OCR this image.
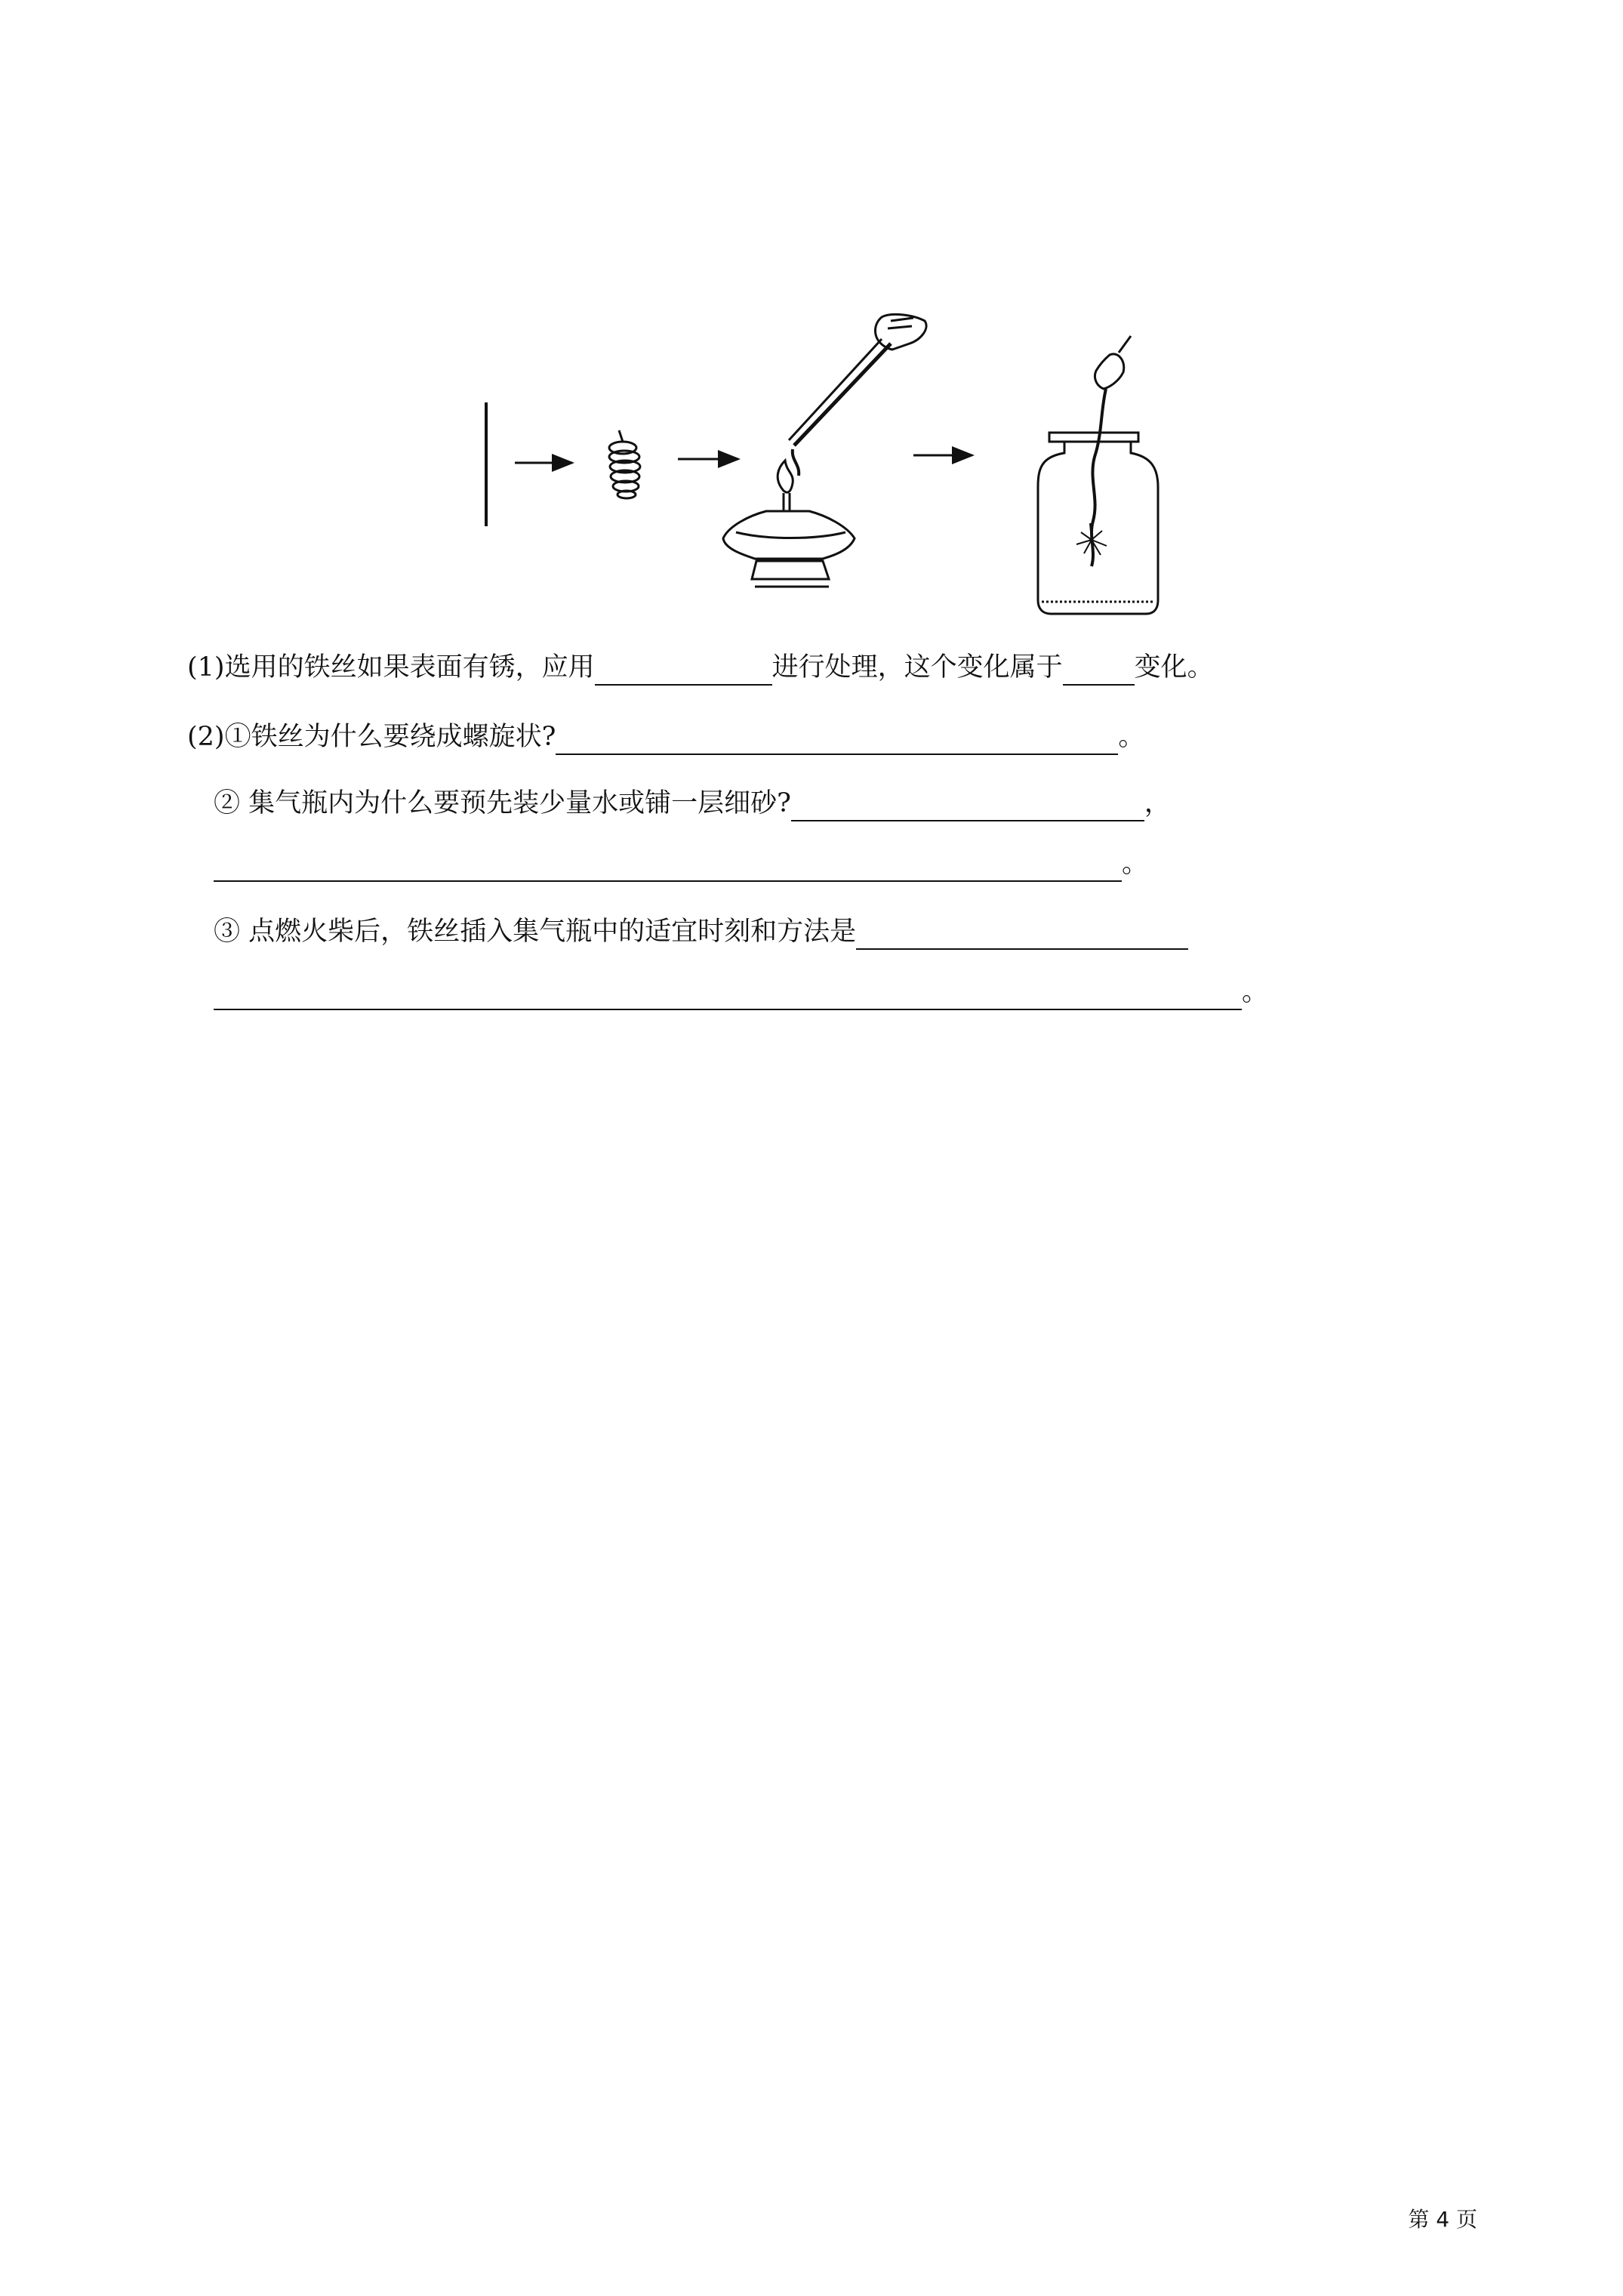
(1)选用的铁丝如果表面有锈，应用	进行处理，这个变化属于	变化。
(2)①铁丝为什么要绕成螺旋状?	。
② 集气瓶内为什么要预先装少量水或铺一层细砂?	，
。
③ 点燃火柴后，铁丝插入集气瓶中的适宜时刻和方法是
。
第 4 页
